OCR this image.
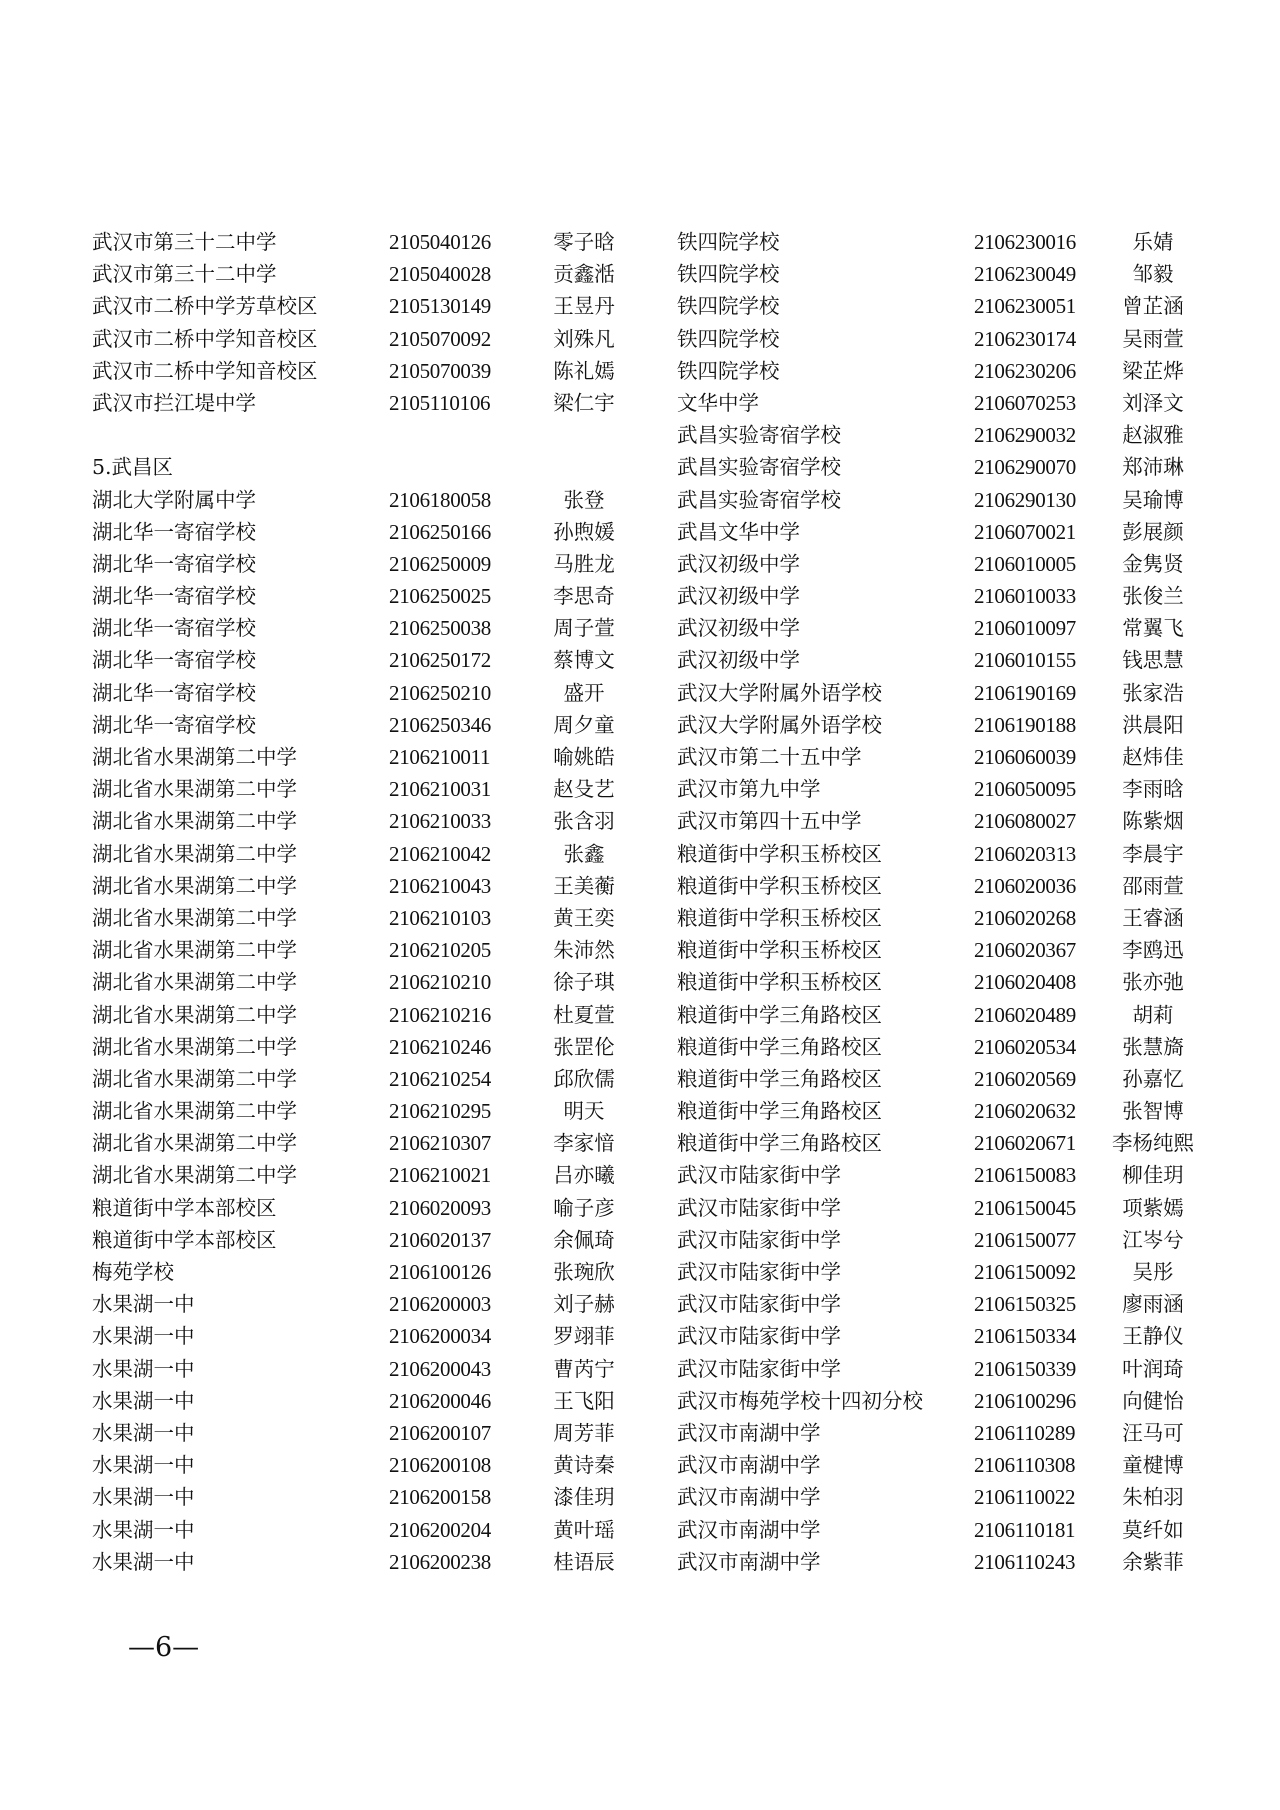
武汉市第三十二中学	2105040126	零子晗
武汉市第三十二中学	2105040028	贡鑫湉
武汉市二桥中学芳草校区	2105130149	王昱丹
武汉市二桥中学知音校区	2105070092	刘殊凡
武汉市二桥中学知音校区	2105070039	陈礼嫣
武汉市拦江堤中学	2105110106	梁仁宇
5.武昌区
湖北大学附属中学	2106180058	张登
湖北华一寄宿学校	2106250166	孙煦媛
湖北华一寄宿学校	2106250009	马胜龙
湖北华一寄宿学校	2106250025	李思奇
湖北华一寄宿学校	2106250038	周子萱
湖北华一寄宿学校	2106250172	蔡博文
湖北华一寄宿学校	2106250210	盛开
湖北华一寄宿学校	2106250346	周夕童
湖北省水果湖第二中学	2106210011	喻姚皓
湖北省水果湖第二中学	2106210031	赵殳艺
湖北省水果湖第二中学	2106210033	张含羽
湖北省水果湖第二中学	2106210042	张鑫
湖北省水果湖第二中学	2106210043	王美蘅
湖北省水果湖第二中学	2106210103	黄王奕
湖北省水果湖第二中学	2106210205	朱沛然
湖北省水果湖第二中学	2106210210	徐子琪
湖北省水果湖第二中学	2106210216	杜夏萱
湖北省水果湖第二中学	2106210246	张罡伦
湖北省水果湖第二中学	2106210254	邱欣儒
湖北省水果湖第二中学	2106210295	明天
湖北省水果湖第二中学	2106210307	李家愔
湖北省水果湖第二中学	2106210021	吕亦曦
粮道街中学本部校区	2106020093	喻子彦
粮道街中学本部校区	2106020137	余佩琦
梅苑学校	2106100126	张琬欣
水果湖一中	2106200003	刘子赫
水果湖一中	2106200034	罗翊菲
水果湖一中	2106200043	曹芮宁
水果湖一中	2106200046	王飞阳
水果湖一中	2106200107	周芳菲
水果湖一中	2106200108	黄诗秦
水果湖一中	2106200158	漆佳玥
水果湖一中	2106200204	黄叶瑶
水果湖一中	2106200238	桂语辰
铁四院学校	2106230016	乐婧
铁四院学校	2106230049	邹毅
铁四院学校	2106230051	曾芷涵
铁四院学校	2106230174	吴雨萱
铁四院学校	2106230206	梁芷烨
文华中学	2106070253	刘泽文
武昌实验寄宿学校	2106290032	赵淑雅
武昌实验寄宿学校	2106290070	郑沛琳
武昌实验寄宿学校	2106290130	吴瑜博
武昌文华中学	2106070021	彭展颜
武汉初级中学	2106010005	金隽贤
武汉初级中学	2106010033	张俊兰
武汉初级中学	2106010097	常翼飞
武汉初级中学	2106010155	钱思慧
武汉大学附属外语学校	2106190169	张家浩
武汉大学附属外语学校	2106190188	洪晨阳
武汉市第二十五中学	2106060039	赵炜佳
武汉市第九中学	2106050095	李雨晗
武汉市第四十五中学	2106080027	陈紫烟
粮道街中学积玉桥校区	2106020313	李晨宇
粮道街中学积玉桥校区	2106020036	邵雨萱
粮道街中学积玉桥校区	2106020268	王睿涵
粮道街中学积玉桥校区	2106020367	李鸥迅
粮道街中学积玉桥校区	2106020408	张亦弛
粮道街中学三角路校区	2106020489	胡莉
粮道街中学三角路校区	2106020534	张慧旖
粮道街中学三角路校区	2106020569	孙嘉忆
粮道街中学三角路校区	2106020632	张智博
粮道街中学三角路校区	2106020671 李杨纯熙
武汉市陆家街中学	2106150083	柳佳玥
武汉市陆家街中学	2106150045	项紫嫣
武汉市陆家街中学	2106150077	江岑兮
武汉市陆家街中学	2106150092	吴彤
武汉市陆家街中学	2106150325	廖雨涵
武汉市陆家街中学	2106150334	王静仪
武汉市陆家街中学	2106150339	叶润琦
武汉市梅苑学校十四初分校 2106100296	向健怡
武汉市南湖中学	2106110289	汪马可
武汉市南湖中学	2106110308	童楗博
武汉市南湖中学	2106110022	朱柏羽
武汉市南湖中学	2106110181	莫纤如
武汉市南湖中学	2106110243	余紫菲
—6—
